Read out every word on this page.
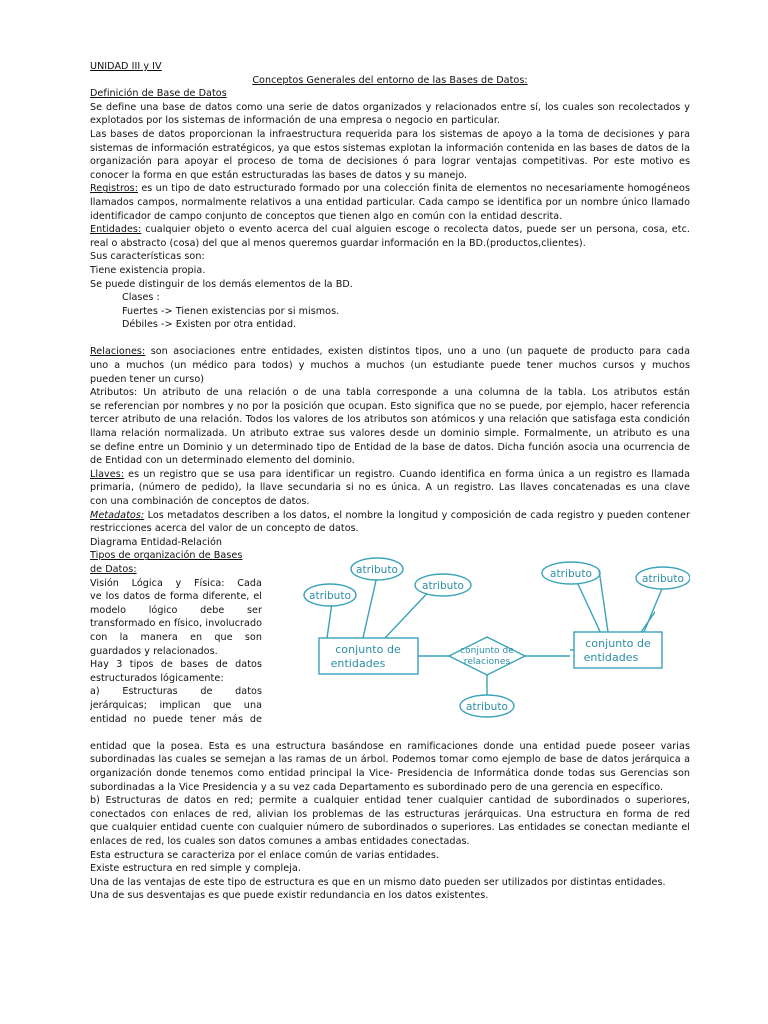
UNIDAD III y IV
Conceptos Generales del entorno de las Bases de Datos:
Definición de Base de Datos
Se define una base de datos como una serie de datos organizados y relacionados entre sí, los cuales son recolectados y
explotados por los sistemas de información de una empresa o negocio en particular.
Las bases de datos proporcionan la infraestructura requerida para los sistemas de apoyo a la toma de decisiones y para
sistemas de información estratégicos, ya que estos sistemas explotan la información contenida en las bases de datos de la
organización para apoyar el proceso de toma de decisiones ó para lograr ventajas competitivas. Por este motivo es
conocer la forma en que están estructuradas las bases de datos y su manejo.
Registros: es un tipo de dato estructurado formado por una colección finita de elementos no necesariamente homogéneos
llamados campos, normalmente relativos a una entidad particular. Cada campo se identifica por un nombre único llamado
identificador de campo conjunto de conceptos que tienen algo en común con la entidad descrita.
Entidades: cualquier objeto o evento acerca del cual alguien escoge o recolecta datos, puede ser un persona, cosa, etc.
real o abstracto (cosa) del que al menos queremos guardar información en la BD.(productos,clientes).
Sus características son:
Tiene existencia propia.
Se puede distinguir de los demás elementos de la BD.
Clases :
Fuertes -> Tienen existencias por si mismos.
Débiles -> Existen por otra entidad.
Relaciones: son asociaciones entre entidades, existen distintos tipos, uno a uno (un paquete de producto para cada
uno a muchos (un médico para todos) y muchos a muchos (un estudiante puede tener muchos cursos y muchos
pueden tener un curso)
Atributos: Un atributo de una relación o de una tabla corresponde a una columna de la tabla. Los atributos están
se referencian por nombres y no por la posición que ocupan. Esto significa que no se puede, por ejemplo, hacer referencia
tercer atributo de una relación. Todos los valores de los atributos son atómicos y una relación que satisfaga esta condición
llama relación normalizada. Un atributo extrae sus valores desde un dominio simple. Formalmente, un atributo es una
se define entre un Dominio y un determinado tipo de Entidad de la base de datos. Dicha función asocia una ocurrencia de
de Entidad con un determinado elemento del dominio.
Llaves: es un registro que se usa para identificar un registro. Cuando identifica en forma única a un registro es llamada
primaria, (número de pedido), la llave secundaria si no es única. A un registro. Las llaves concatenadas es una clave
con una combinación de conceptos de datos.
Metadatos: Los metadatos describen a los datos, el nombre la longitud y composición de cada registro y pueden contener
restricciones acerca del valor de un concepto de datos.
Diagrama Entidad-Relación
Tipos de organización de Bases
de Datos:
Visión Lógica y Física: Cada
ve los datos de forma diferente, el
modelo lógico debe ser
transformado en físico, involucrado
con la manera en que son
guardados y relacionados.
Hay 3 tipos de bases de datos
estructurados lógicamente:
a) Estructuras de datos
jerárquicas; implican que una
entidad no puede tener más de
atributo
atributo
atributo
atributo
atributo
conjunto de
entidades
conjunto de
relaciones
atributo
conjunto de
entidades
entidad que la posea. Esta es una estructura basándose en ramificaciones donde una entidad puede poseer varias
subordinadas las cuales se semejan a las ramas de un árbol. Podemos tomar como ejemplo de base de datos jerárquica a
organización donde tenemos como entidad principal la Vice- Presidencia de Informática donde todas sus Gerencias son
subordinadas a la Vice Presidencia y a su vez cada Departamento es subordinado pero de una gerencia en específico.
b) Estructuras de datos en red; permite a cualquier entidad tener cualquier cantidad de subordinados o superiores,
conectados con enlaces de red, alivian los problemas de las estructuras jerárquicas. Una estructura en forma de red
que cualquier entidad cuente con cualquier número de subordinados o superiores. Las entidades se conectan mediante el
enlaces de red, los cuales son datos comunes a ambas entidades conectadas.
Esta estructura se caracteriza por el enlace común de varias entidades.
Existe estructura en red simple y compleja.
Una de las ventajas de este tipo de estructura es que en un mismo dato pueden ser utilizados por distintas entidades.
Una de sus desventajas es que puede existir redundancia en los datos existentes.
